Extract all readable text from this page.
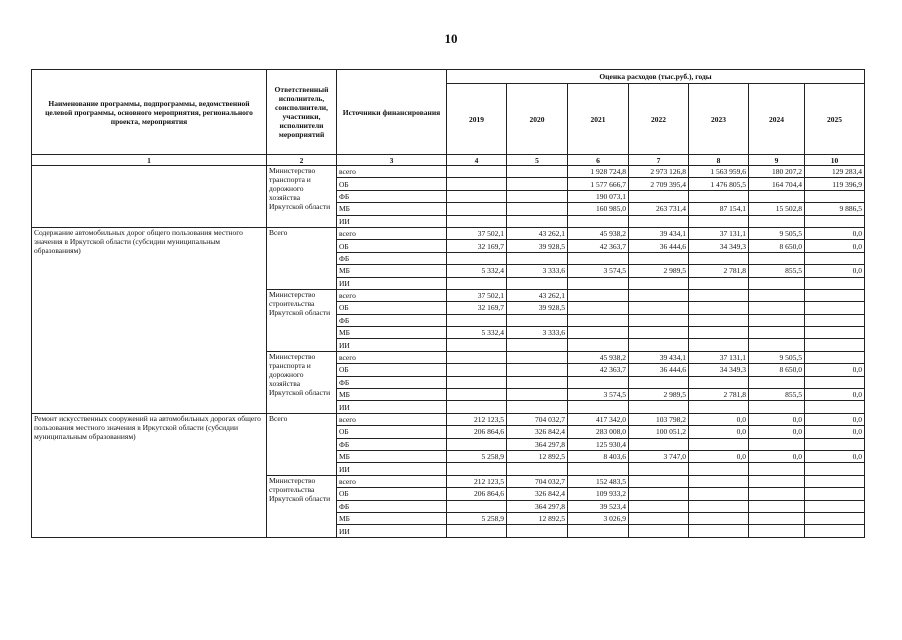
10
Наименование программы, подпрограммы, ведомственной целевой программы, основного мероприятия, регионального проекта, мероприятия	Ответственный исполнитель, соисполнители, участники, исполнители мероприятий	Источники финансирования	Оценка расходов (тыс.руб.), годы						
			2019	2020	2021	2022	2023	2024	2025
1	2	3	4	5	6	7	8	9	10
	Министерство транспорта и дорожного хозяйства Иркутской области	всего			1 928 724,8	2 973 126,8	1 563 959,6	180 207,2	129 283,4
		ОБ			1 577 666,7	2 709 395,4	1 476 805,5	164 704,4	119 396,9
		ФБ			190 073,1				
		МБ			160 985,0	263 731,4	87 154,1	15 502,8	9 886,5
		ИИ							
Содержание автомобильных дорог общего пользования местного значения в Иркутской области (субсидии муниципальным образованиям)	Всего	всего	37 502,1	43 262,1	45 938,2	39 434,1	37 131,1	9 505,5	0,0
		ОБ	32 169,7	39 928,5	42 363,7	36 444,6	34 349,3	8 650,0	0,0
		ФБ							
		МБ	5 332,4	3 333,6	3 574,5	2 989,5	2 781,8	855,5	0,0
		ИИ							
	Министерство строительства Иркутской области	всего	37 502,1	43 262,1					
		ОБ	32 169,7	39 928,5					
		ФБ							
		МБ	5 332,4	3 333,6					
		ИИ							
	Министерство транспорта и дорожного хозяйства Иркутской области	всего			45 938,2	39 434,1	37 131,1	9 505,5	
		ОБ			42 363,7	36 444,6	34 349,3	8 650,0	0,0
		ФБ							
		МБ			3 574,5	2 989,5	2 781,8	855,5	0,0
		ИИ							
Ремонт искусственных сооружений на автомобильных дорогах общего пользования местного значения в Иркутской области (субсидии муниципальным образованиям)	Всего	всего	212 123,5	704 032,7	417 342,0	103 798,2	0,0	0,0	0,0
		ОБ	206 864,6	326 842,4	283 008,0	100 051,2	0,0	0,0	0,0
		ФБ		364 297,8	125 930,4				
		МБ	5 258,9	12 892,5	8 403,6	3 747,0	0,0	0,0	0,0
		ИИ							
	Министерство строительства Иркутской области	всего	212 123,5	704 032,7	152 483,5				
		ОБ	206 864,6	326 842,4	109 933,2				
		ФБ		364 297,8	39 523,4				
		МБ	5 258,9	12 892,5	3 026,9				
		ИИ							
